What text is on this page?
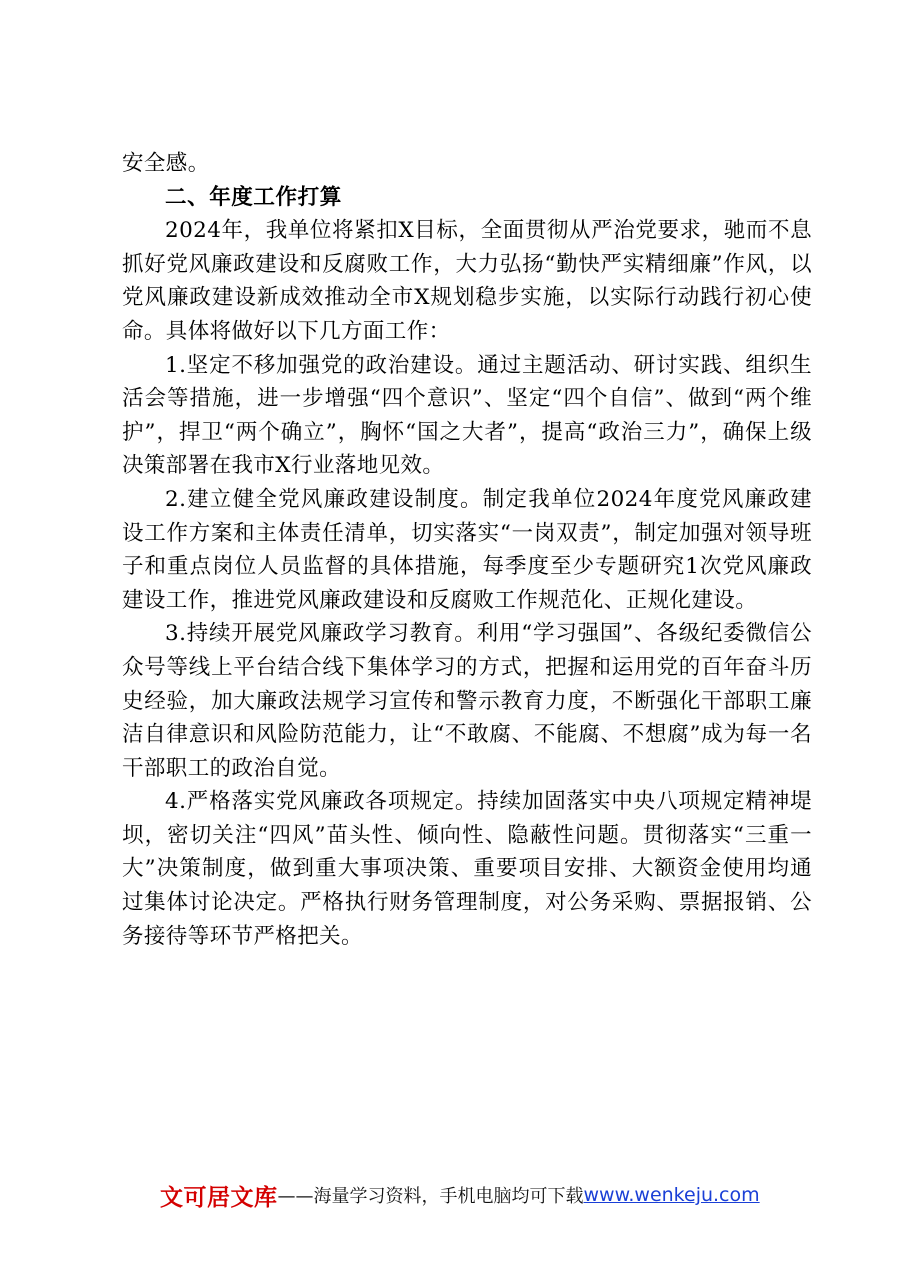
安全感。

二、年度工作打算

2024年，我单位将紧扣X目标，全面贯彻从严治党要求，驰而不息抓好党风廉政建设和反腐败工作，大力弘扬“勤快严实精细廉”作风，以党风廉政建设新成效推动全市X规划稳步实施，以实际行动践行初心使命。具体将做好以下几方面工作：

1.坚定不移加强党的政治建设。通过主题活动、研讨实践、组织生活会等措施，进一步增强“四个意识”、坚定“四个自信”、做到“两个维护”，捍卫“两个确立”，胸怀“国之大者”，提高“政治三力”，确保上级决策部署在我市X行业落地见效。

2.建立健全党风廉政建设制度。制定我单位2024年度党风廉政建设工作方案和主体责任清单，切实落实“一岗双责”，制定加强对领导班子和重点岗位人员监督的具体措施，每季度至少专题研究1次党风廉政建设工作，推进党风廉政建设和反腐败工作规范化、正规化建设。

3.持续开展党风廉政学习教育。利用“学习强国”、各级纪委微信公众号等线上平台结合线下集体学习的方式，把握和运用党的百年奋斗历史经验，加大廉政法规学习宣传和警示教育力度，不断强化干部职工廉洁自律意识和风险防范能力，让“不敢腐、不能腐、不想腐”成为每一名干部职工的政治自觉。

4.严格落实党风廉政各项规定。持续加固落实中央八项规定精神堤坝，密切关注“四风”苗头性、倾向性、隐蔽性问题。贯彻落实“三重一大”决策制度，做到重大事项决策、重要项目安排、大额资金使用均通过集体讨论决定。严格执行财务管理制度，对公务采购、票据报销、公务接待等环节严格把关。

文可居文库 ——海量学习资料，手机电脑均可下载 www.wenkeju.com
